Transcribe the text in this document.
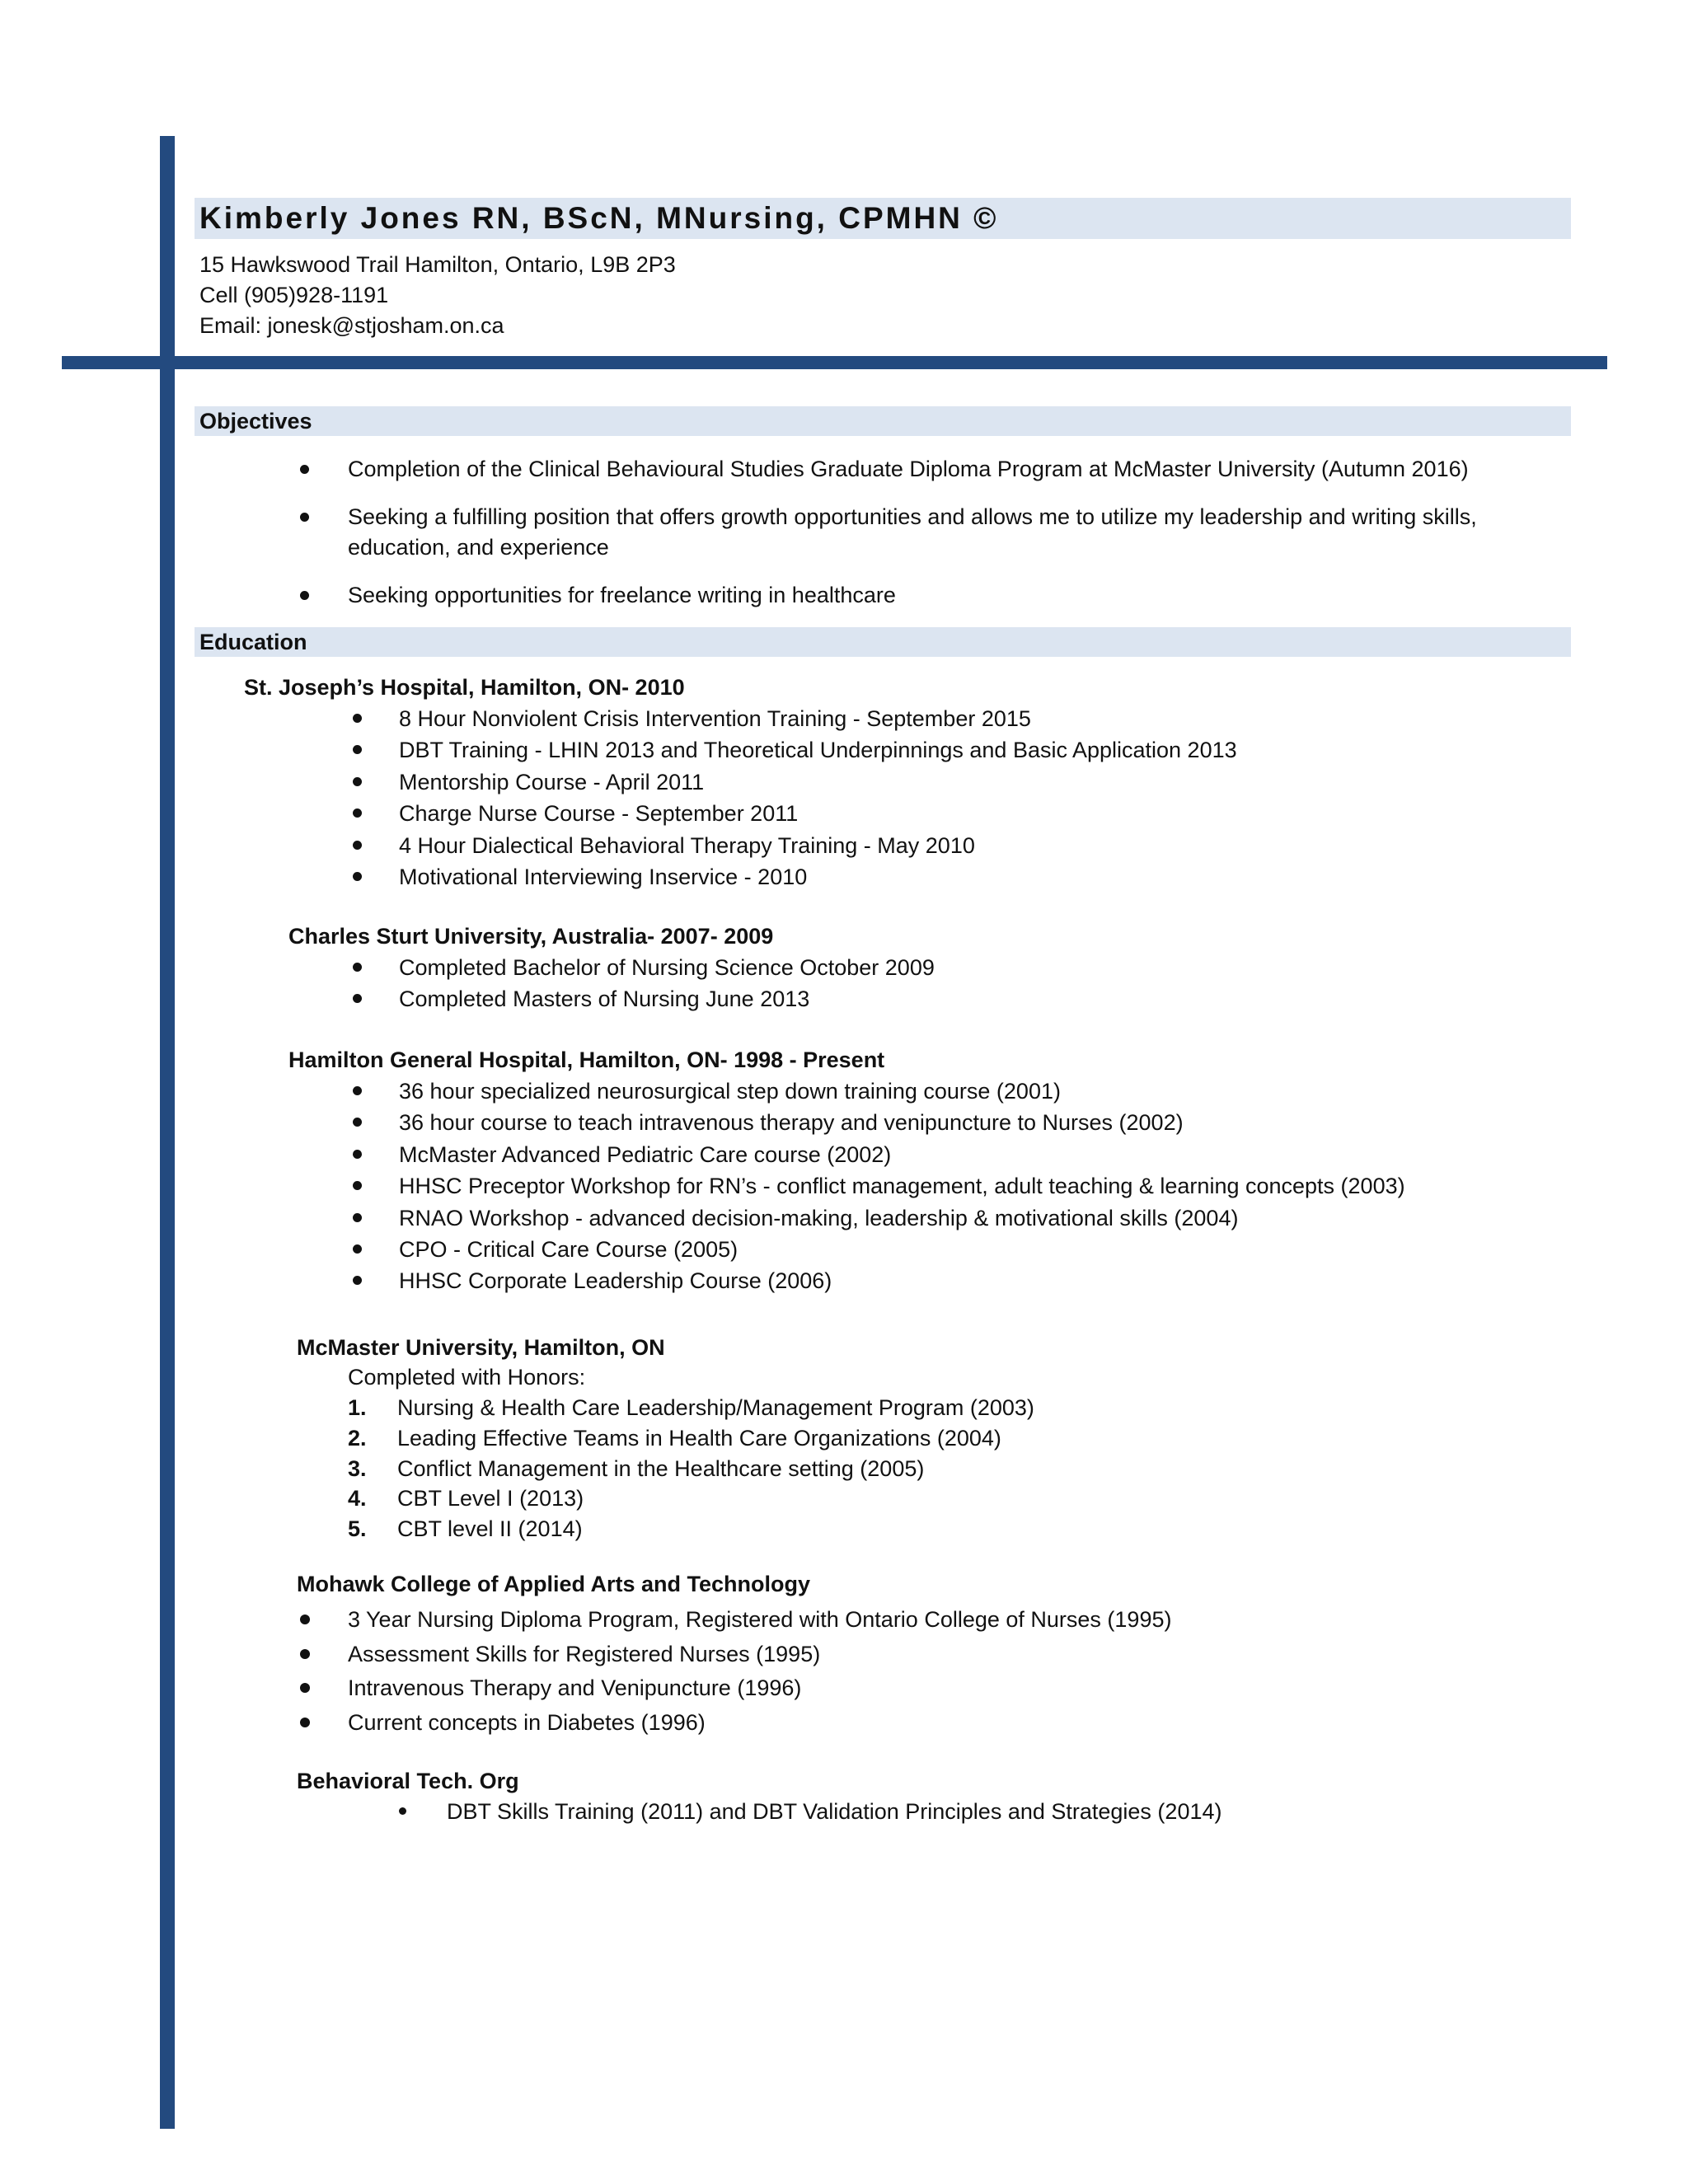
Kimberly Jones RN, BScN, MNursing, CPMHN ©
15 Hawkswood Trail Hamilton, Ontario, L9B 2P3
Cell (905)928-1191
Email: jonesk@stjosham.on.ca
Objectives
Completion of the Clinical Behavioural Studies Graduate Diploma Program at McMaster University (Autumn 2016)
Seeking a fulfilling position that offers growth opportunities and allows me to utilize my leadership and writing skills, education, and experience
Seeking opportunities for freelance writing in healthcare
Education
St. Joseph’s Hospital, Hamilton, ON- 2010
8 Hour Nonviolent Crisis Intervention Training - September 2015
DBT Training - LHIN 2013 and Theoretical Underpinnings and Basic Application 2013
Mentorship Course - April 2011
Charge Nurse Course - September 2011
4 Hour Dialectical Behavioral Therapy Training - May 2010
Motivational Interviewing Inservice - 2010
Charles Sturt University, Australia- 2007- 2009
Completed Bachelor of Nursing Science October 2009
Completed Masters of Nursing June 2013
Hamilton General Hospital, Hamilton, ON- 1998 - Present
36 hour specialized neurosurgical step down training course (2001)
36 hour course to teach intravenous therapy and venipuncture to Nurses (2002)
McMaster Advanced Pediatric Care course (2002)
HHSC Preceptor Workshop for RN’s - conflict management, adult teaching & learning concepts (2003)
RNAO Workshop - advanced decision-making, leadership & motivational skills (2004)
CPO - Critical Care Course (2005)
HHSC Corporate Leadership Course (2006)
McMaster University, Hamilton, ON
Completed with Honors:
1. Nursing & Health Care Leadership/Management Program (2003)
2. Leading Effective Teams in Health Care Organizations (2004)
3. Conflict Management in the Healthcare setting (2005)
4. CBT Level I (2013)
5. CBT level II (2014)
Mohawk College of Applied Arts and Technology
3 Year Nursing Diploma Program, Registered with Ontario College of Nurses (1995)
Assessment Skills for Registered Nurses (1995)
Intravenous Therapy and Venipuncture (1996)
Current concepts in Diabetes (1996)
Behavioral Tech. Org
DBT Skills Training (2011) and DBT Validation Principles and Strategies (2014)
